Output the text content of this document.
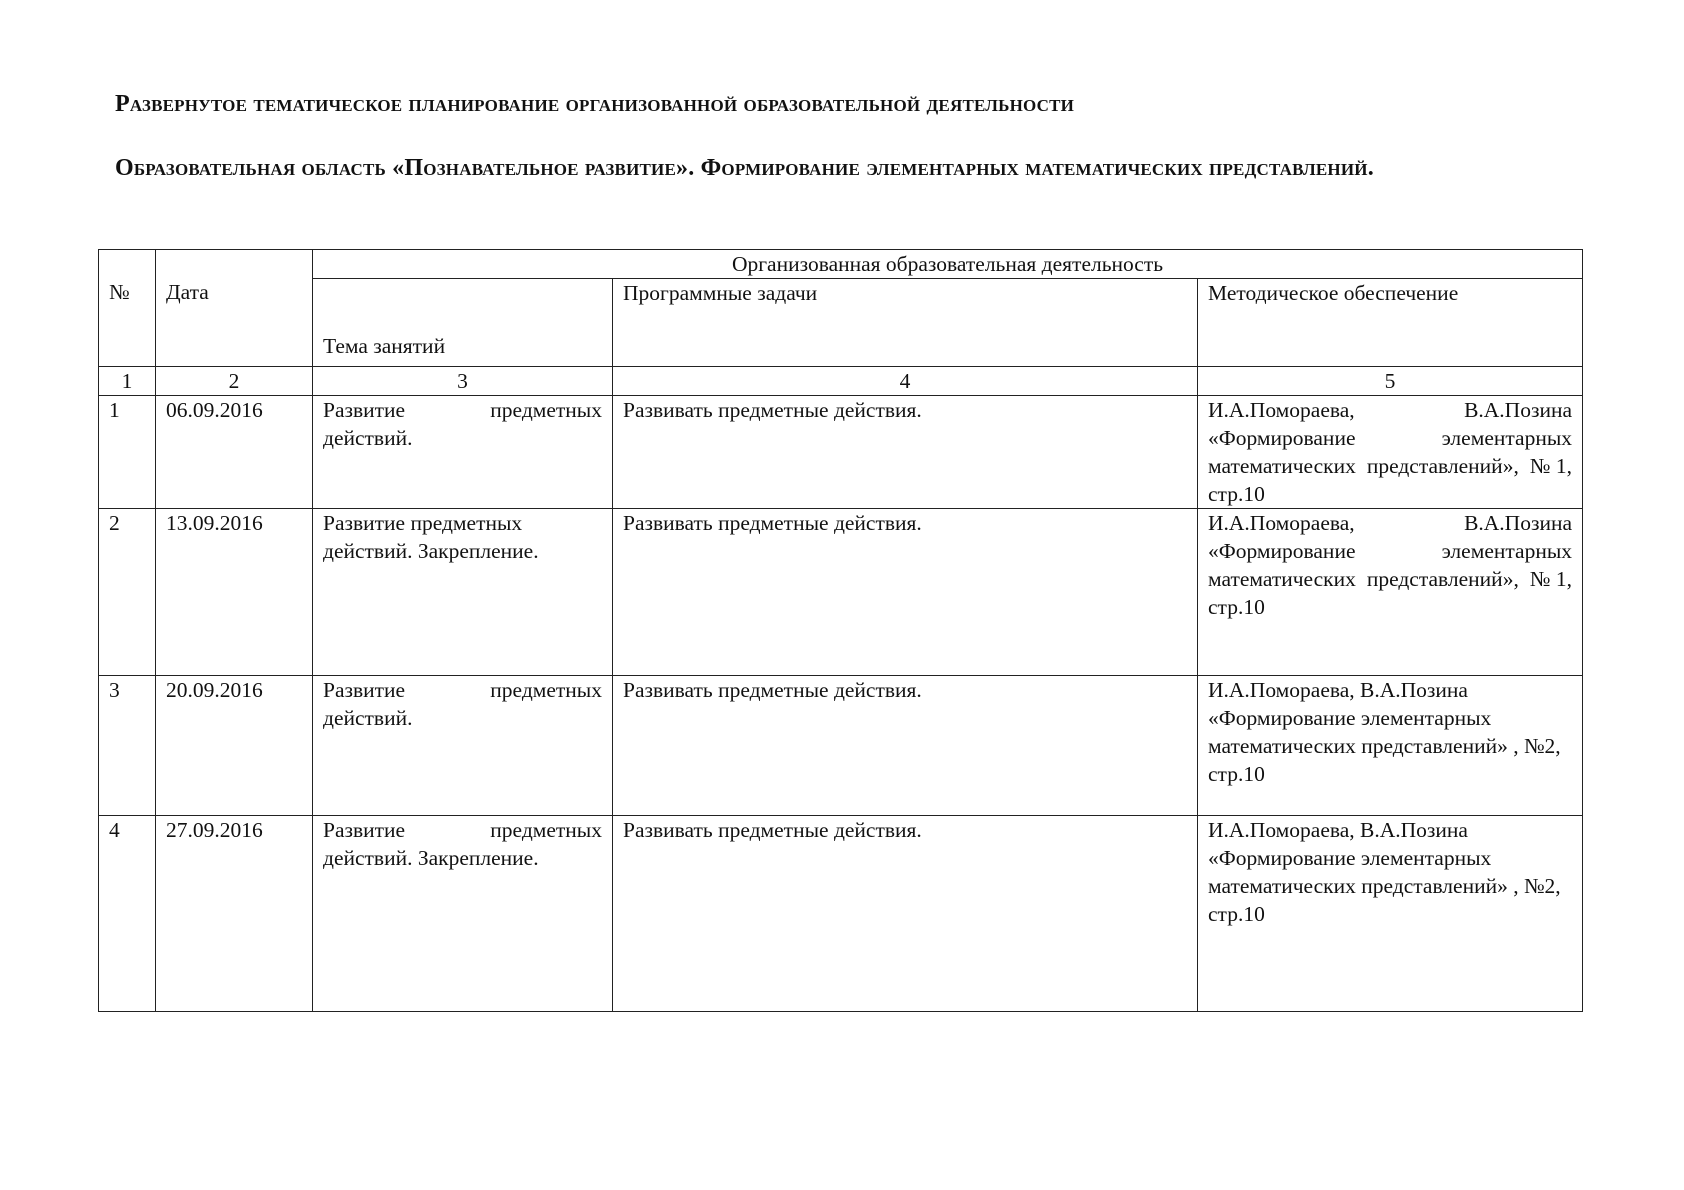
Развернутое тематическое планирование организованной образовательной деятельности
Образовательная область «Познавательное развитие». Формирование элементарных математических представлений.
№	Дата	Организованная образовательная деятельность		
		Тема занятий	Программные задачи	Методическое обеспечение
1	2	3	4	5
1	06.09.2016	Развитие предметных действий.	Развивать предметные действия.	И.А.Помораева, В.А.Позина «Формирование элементарных математических представлений», №1, стр.10
2	13.09.2016	Развитие предметных действий. Закрепление.	Развивать предметные действия.	И.А.Помораева, В.А.Позина «Формирование элементарных математических представлений», №1, стр.10
3	20.09.2016	Развитие предметных действий.	Развивать предметные действия.	И.А.Помораева, В.А.Позина «Формирование элементарных математических представлений» , №2, стр.10
4	27.09.2016	Развитие предметных действий. Закрепление.	Развивать предметные действия.	И.А.Помораева, В.А.Позина «Формирование элементарных математических представлений» , №2, стр.10
